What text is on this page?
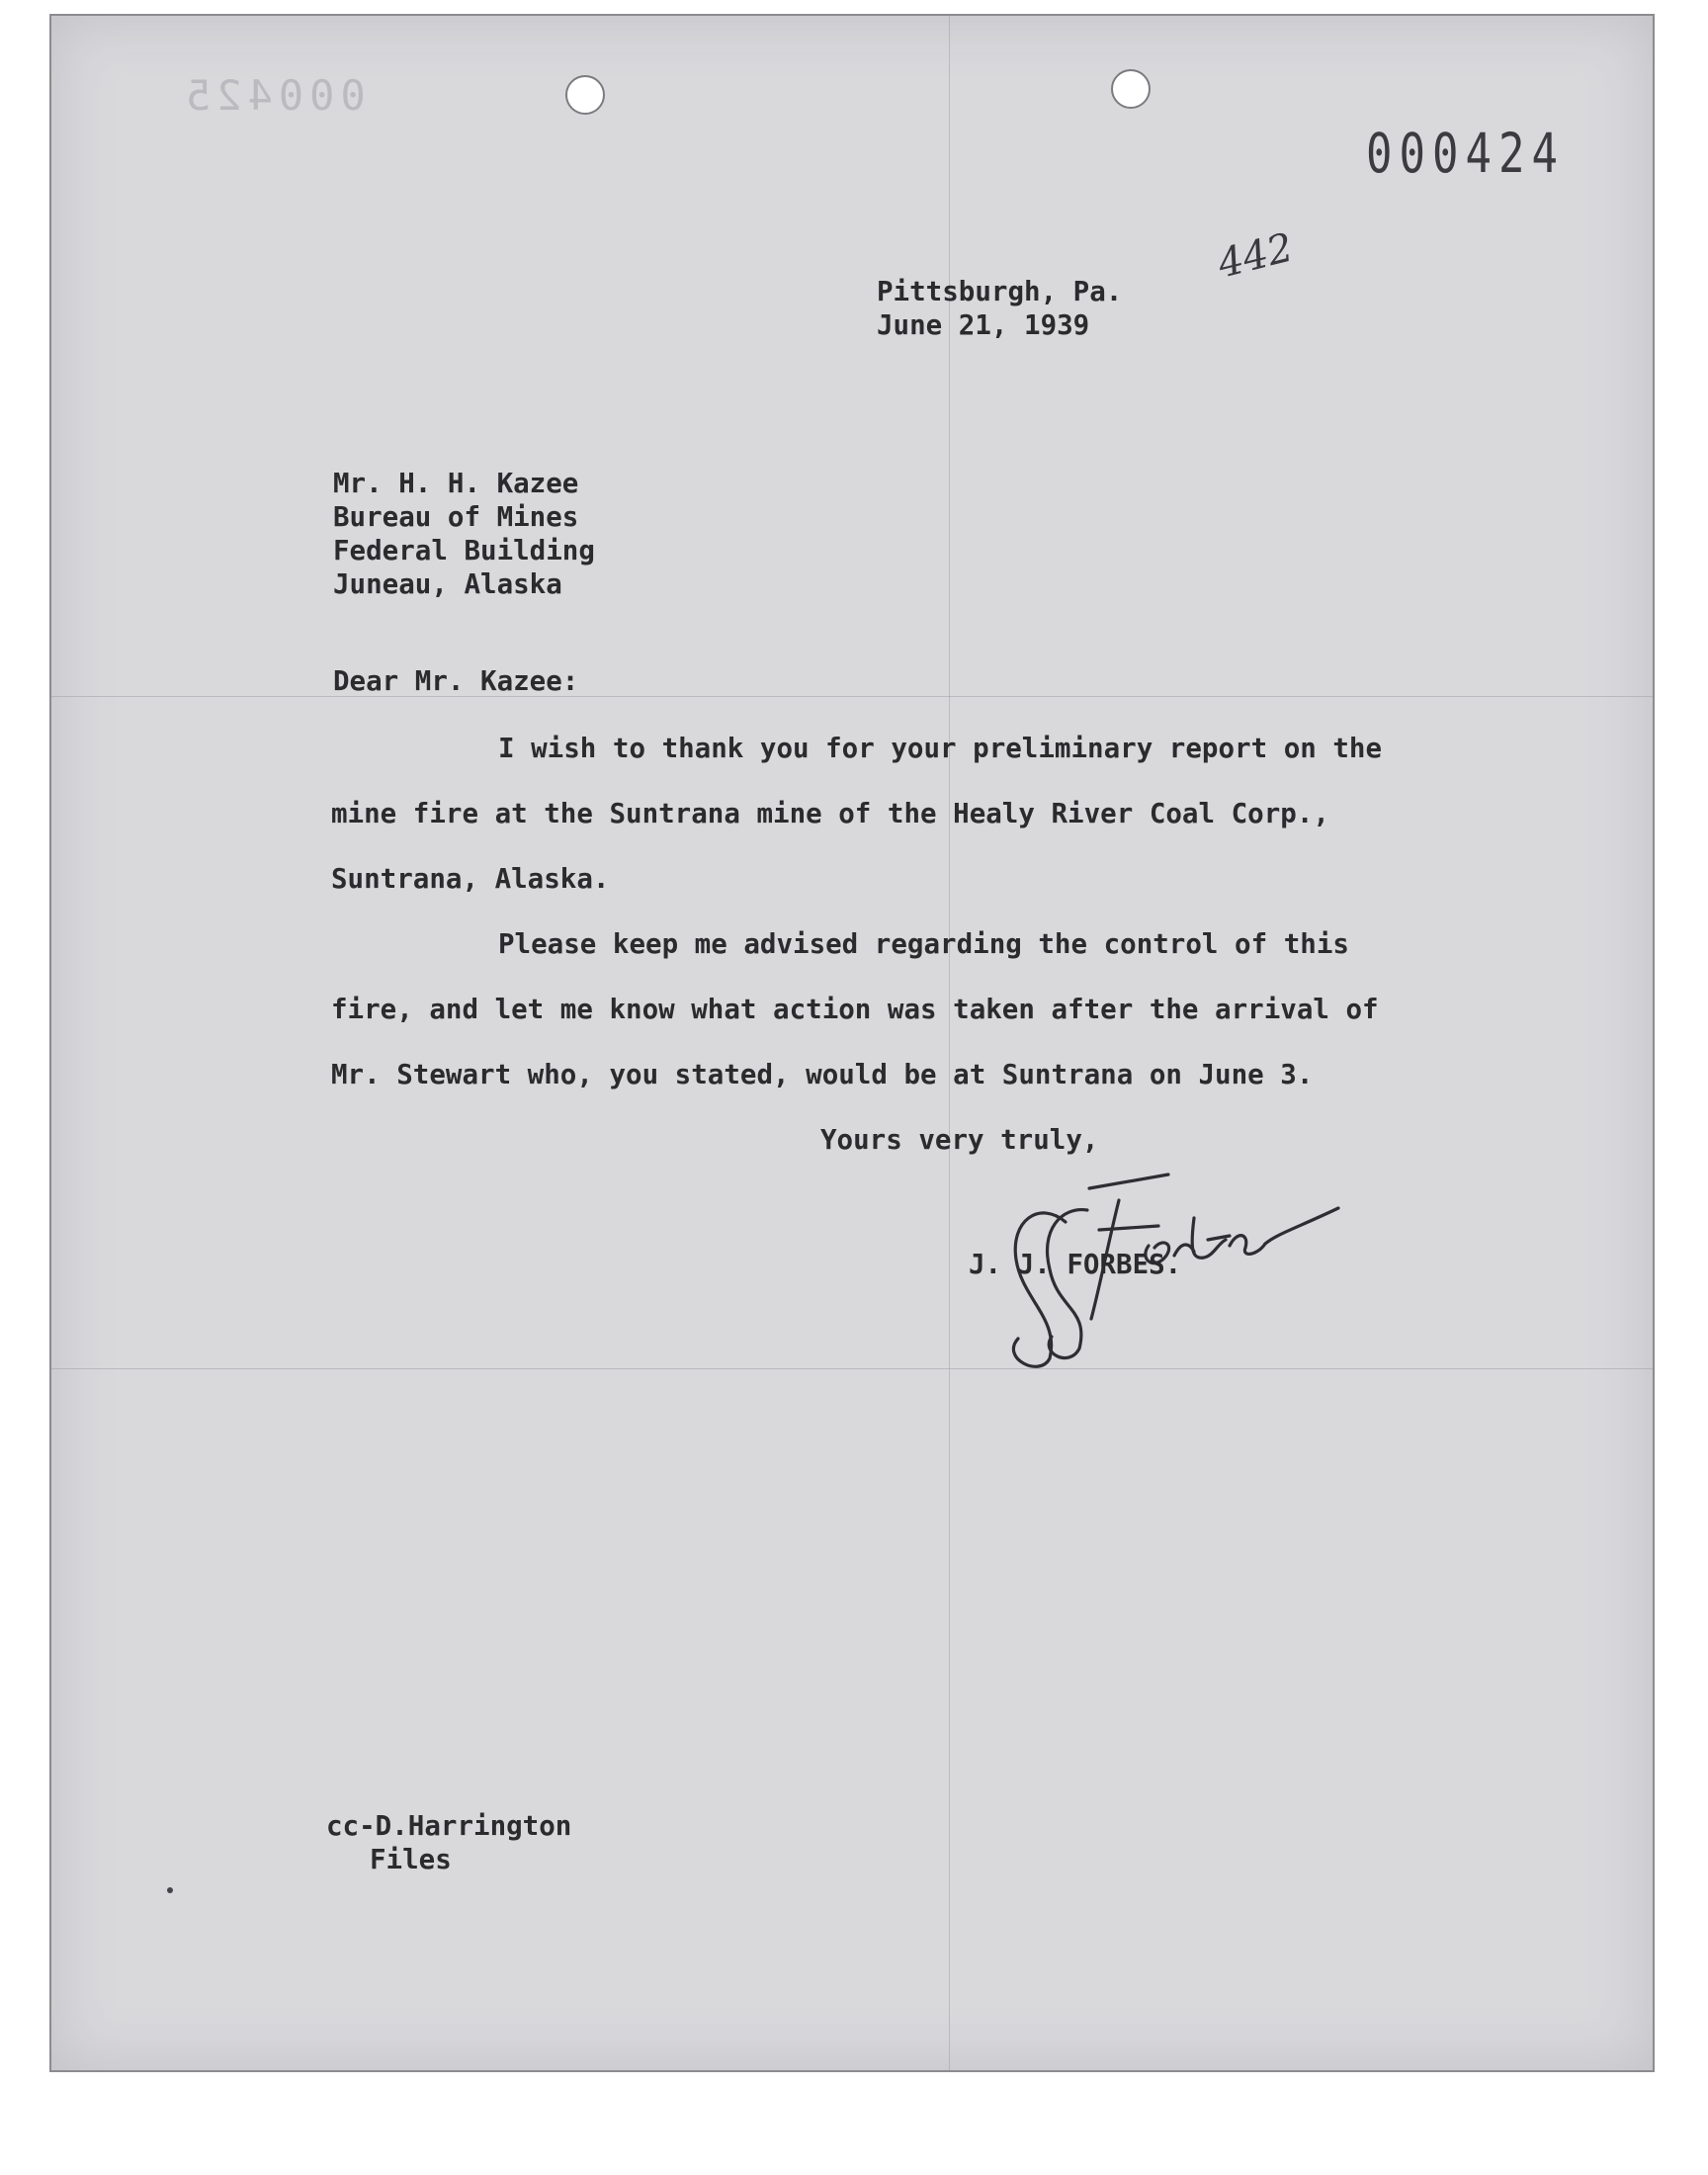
000425
000424
442
Pittsburgh, Pa.
June 21, 1939
Mr. H. H. Kazee
Bureau of Mines
Federal Building
Juneau, Alaska
Dear Mr. Kazee:
I wish to thank you for your preliminary report on the
mine fire at the Suntrana mine of the Healy River Coal Corp.,
Suntrana, Alaska.
Please keep me advised regarding the control of this
fire, and let me know what action was taken after the arrival of
Mr. Stewart who, you stated, would be at Suntrana on June 3.
Yours very truly,
J. J. FORBES.
cc-D.Harrington
Files
